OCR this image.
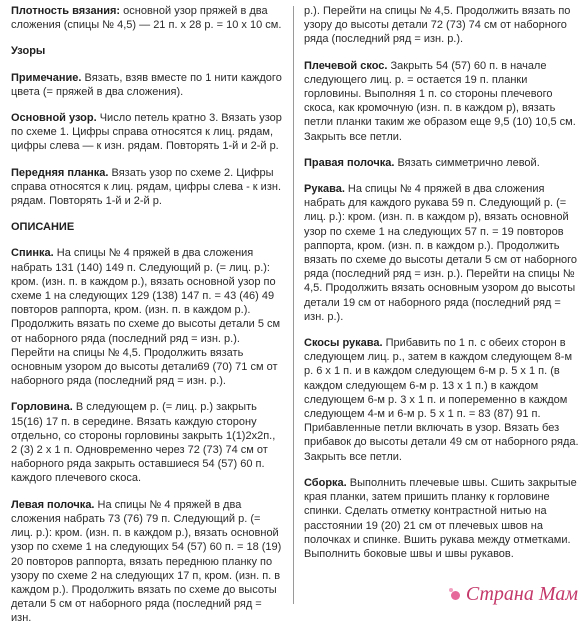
Плотность вязания: основной узор пряжей в два сложения (спицы № 4,5) — 21 п. х 28 р. = 10 х 10 см.

Узоры

Примечание. Вязать, взяв вместе по 1 нити каждого цвета (= пряжей в два сложения).

Основной узор. Число петель кратно 3. Вязать узор по схеме 1. Цифры справа относятся к лиц. рядам, цифры слева — к изн. рядам. Повторять 1-й и 2-й р.

Передняя планка. Вязать узор по схеме 2. Цифры справа относятся к лиц. рядам, цифры слева - к изн. рядам. Повторять 1-й и 2-й р.

ОПИСАНИЕ

Спинка. На спицы № 4 пряжей в два сложения набрать 131 (140) 149 п. Следующий р. (= лиц. р.): кром. (изн. п. в каждом р.), вязать основной узор по схеме 1 на следующих 129 (138) 147 п. = 43 (46) 49 повторов раппорта, кром. (изн. п. в каждом р.). Продолжить вязать по схеме до высоты детали 5 см от наборного ряда (последний ряд = изн. р.). Перейти на спицы № 4,5. Продолжить вязать основным узором до высоты детали69 (70) 71 см от наборного ряда (последний ряд = изн. р.).

Горловина. В следующем р. (= лиц. р.) закрыть 15(16) 17 п. в середине. Вязать каждую сторону отдельно, со стороны горловины закрыть 1(1)2х2п., 2 (3) 2 х 1 п. Одновременно через 72 (73) 74 см от наборного ряда закрыть оставшиеся 54 (57) 60 п. каждого плечевого скоса.

Левая полочка. На спицы № 4 пряжей в два сложения набрать 73 (76) 79 п. Следующий р. (= лиц. р.): кром. (изн. п. в каждом р.), вязать основной узор по схеме 1 на следующих 54 (57) 60 п. = 18 (19) 20 повторов раппорта, вязать переднюю планку по узору по схеме 2 на следующих 17 п, кром. (изн. п. в каждом р.). Продолжить вязать по схеме до высоты детали 5 см от наборного ряда (последний ряд = изн.

р.). Перейти на спицы № 4,5. Продолжить вязать по узору до высоты детали 72 (73) 74 см от наборного ряда (последний ряд = изн. р.).

Плечевой скос. Закрыть 54 (57) 60 п. в начале следующего лиц. р. = остается 19 п. планки горловины. Выполняя 1 п. со стороны плечевого скоса, как кромочную (изн. п. в каждом р), вязать петли планки таким же образом еще 9,5 (10) 10,5 см. Закрыть все петли.

Правая полочка. Вязать симметричнo левой.

Рукава. На спицы № 4 пряжей в два сложения набрать для каждого рукава 59 п. Следующий р. (= лиц. р.): кром. (изн. п. в каждом р), вязать основной узор по схеме 1 на следующих 57 п. = 19 повторов раппорта, кром. (изн. п. в каждом р.). Продолжить вязать по схеме до высоты детали 5 см от наборного ряда (последний ряд = изн. р.). Перейти на спицы № 4,5. Продолжить вязать основным узором до высоты детали 19 см от наборного ряда (последний ряд = изн. р.).

Скосы рукава. Прибавить по 1 п. с обеих сторон в следующем лиц. р., затем в каждом следующем 8-м р. 6 х 1 п. и в каждом следующем 6-м р. 5 х 1 п. (в каждом следующем 6-м р. 13 х 1 п.) в каждом следующем 6-м р. 3 х 1 п. и попеременно в каждом следующем 4-м и 6-м р. 5 х 1 п. = 83 (87) 91 п. Прибавленные петли включать в узор. Вязать без прибавок до высоты детали 49 см от наборного ряда. Закрыть все петли.

Сборка. Выполнить плечевые швы. Сшить закрытые края планки, затем пришить планку к горловине спинки. Сделать отметку контрастной нитью на расстоянии 19 (20) 21 см от плечевых швов на полочках и спинке. Вшить рукава между отметками. Выполнить боковые швы и швы рукавов.

Страна Мам
